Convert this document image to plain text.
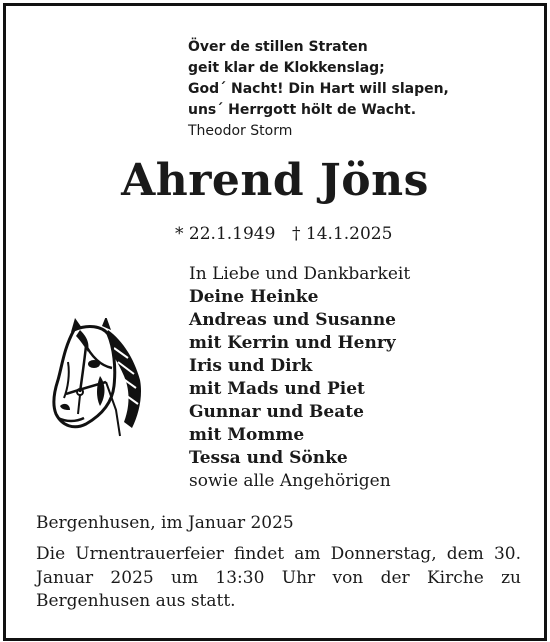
Över de stillen Straten
geit klar de Klokkenslag;
God´ Nacht! Din Hart will slapen,
uns´ Herrgott hölt de Wacht.
Theodor Storm
Ahrend Jöns
* 22.1.1949 † 14.1.2025
In Liebe und Dankbarkeit
Deine Heinke
Andreas und Susanne
mit Kerrin und Henry
Iris und Dirk
mit Mads und Piet
Gunnar und Beate
mit Momme
Tessa und Sönke
sowie alle Angehörigen
Bergenhusen, im Januar 2025
Die Urnentrauerfeier findet am Donnerstag, dem 30. Januar 2025 um 13:30 Uhr von der Kirche zu Bergenhusen aus statt.
